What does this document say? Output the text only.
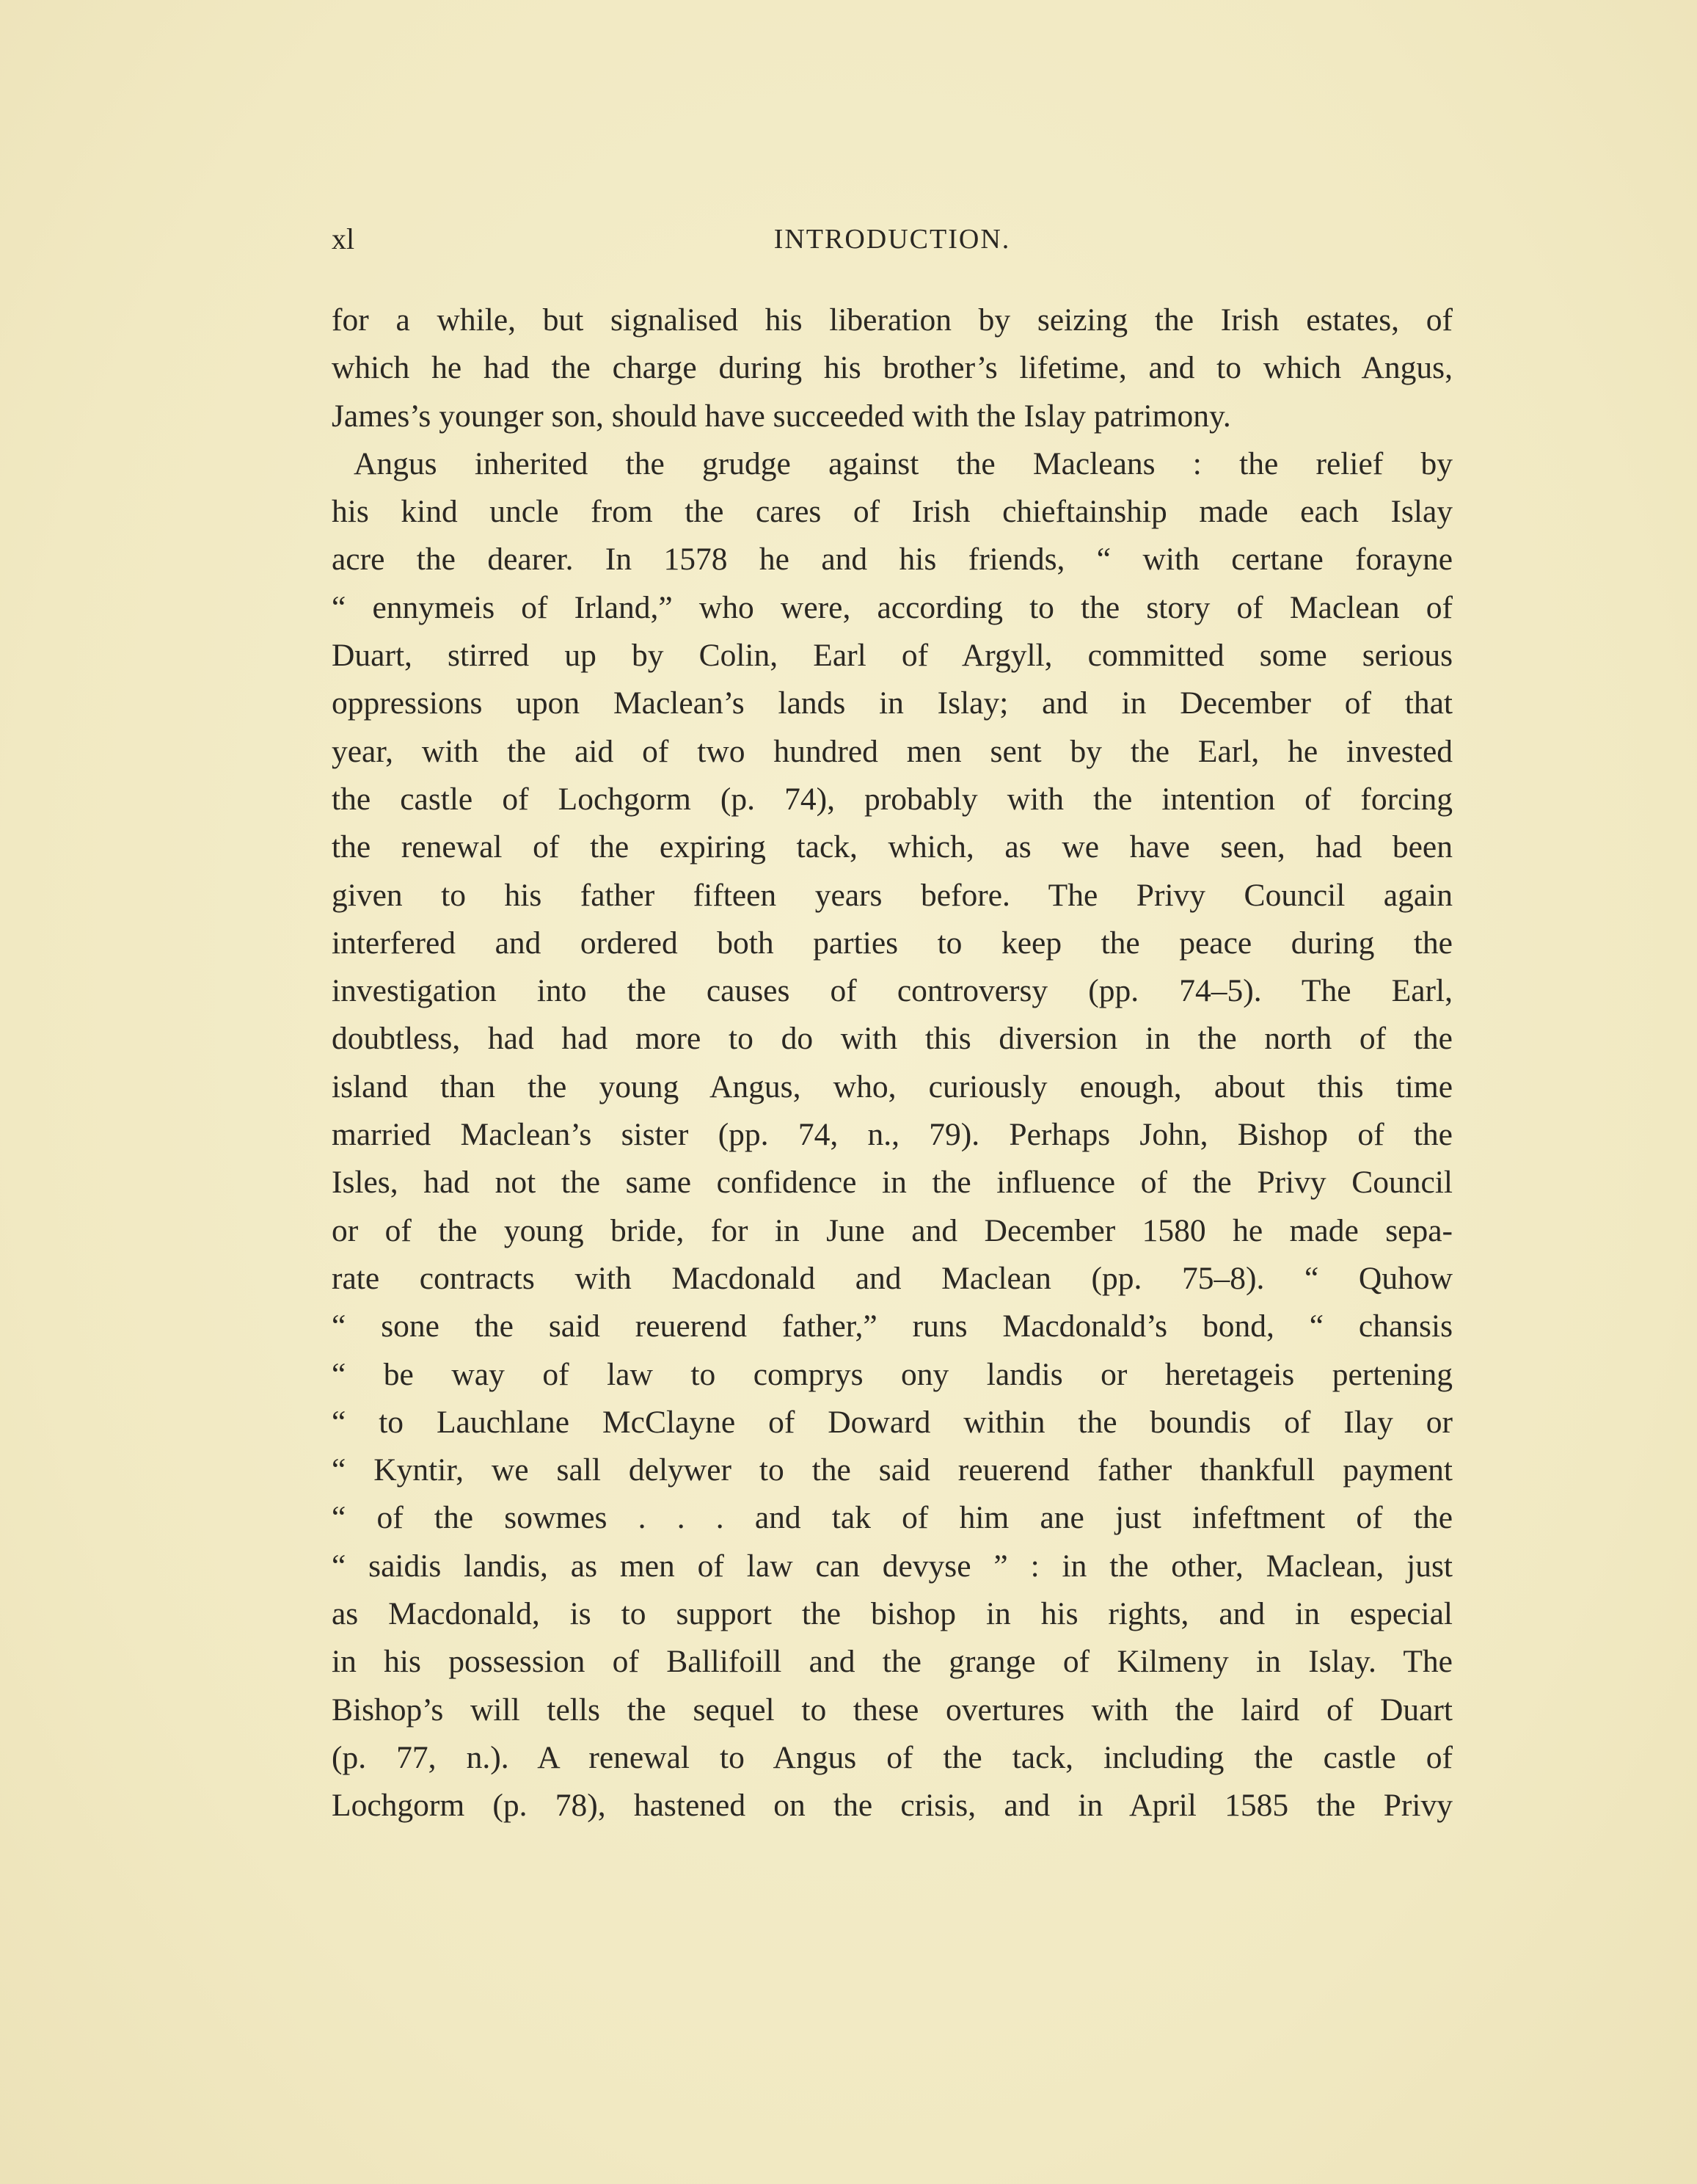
xl	INTRODUCTION.
for a while, but signalised his liberation by seizing the Irish estates, of
which he had the charge during his brother’s lifetime, and to which Angus,
James’s younger son, should have succeeded with the Islay patrimony.
Angus inherited the grudge against the Macleans : the relief by
his kind uncle from the cares of Irish chieftainship made each Islay
acre the dearer. In 1578 he and his friends, “ with certane forayne
“ ennymeis of Irland,” who were, according to the story of Maclean of
Duart, stirred up by Colin, Earl of Argyll, committed some serious
oppressions upon Maclean’s lands in Islay; and in December of that
year, with the aid of two hundred men sent by the Earl, he invested
the castle of Lochgorm (p. 74), probably with the intention of forcing
the renewal of the expiring tack, which, as we have seen, had been
given to his father fifteen years before. The Privy Council again
interfered and ordered both parties to keep the peace during the
investigation into the causes of controversy (pp. 74–5). The Earl,
doubtless, had had more to do with this diversion in the north of the
island than the young Angus, who, curiously enough, about this time
married Maclean’s sister (pp. 74, n., 79). Perhaps John, Bishop of the
Isles, had not the same confidence in the influence of the Privy Council
or of the young bride, for in June and December 1580 he made sepa-
rate contracts with Macdonald and Maclean (pp. 75–8). “ Quhow
“ sone the said reuerend father,” runs Macdonald’s bond, “ chansis
“ be way of law to comprys ony landis or heretageis pertening
“ to Lauchlane McClayne of Doward within the boundis of Ilay or
“ Kyntir, we sall delywer to the said reuerend father thankfull payment
“ of the sowmes . . . and tak of him ane just infeftment of the
“ saidis landis, as men of law can devyse ” : in the other, Maclean, just
as Macdonald, is to support the bishop in his rights, and in especial
in his possession of Ballifoill and the grange of Kilmeny in Islay. The
Bishop’s will tells the sequel to these overtures with the laird of Duart
(p. 77, n.). A renewal to Angus of the tack, including the castle of
Lochgorm (p. 78), hastened on the crisis, and in April 1585 the Privy
